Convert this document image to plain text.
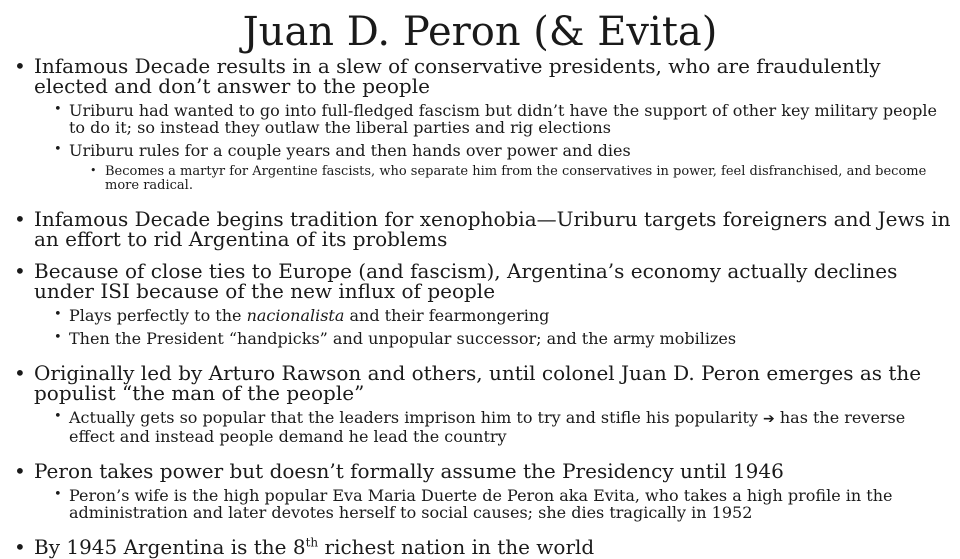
Juan D. Peron (& Evita)

• Infamous Decade results in a slew of conservative presidents, who are fraudulently elected and don’t answer to the people

• Uriburu had wanted to go into full-fledged fascism but didn’t have the support of other key military people to do it; so instead they outlaw the liberal parties and rig elections

• Uriburu rules for a couple years and then hands over power and dies

• Becomes a martyr for Argentine fascists, who separate him from the conservatives in power, feel disfranchised, and become more radical.

• Infamous Decade begins tradition for xenophobia—Uriburu targets foreigners and Jews in an effort to rid Argentina of its problems

• Because of close ties to Europe (and fascism), Argentina’s economy actually declines under ISI because of the new influx of people

• Plays perfectly to the nacionalista and their fearmongering

• Then the President “handpicks” and unpopular successor; and the army mobilizes

• Originally led by Arturo Rawson and others, until colonel Juan D. Peron emerges as the populist “the man of the people”

• Actually gets so popular that the leaders imprison him to try and stifle his popularity ➔ has the reverse effect and instead people demand he lead the country

• Peron takes power but doesn’t formally assume the Presidency until 1946

• Peron’s wife is the high popular Eva Maria Duerte de Peron aka Evita, who takes a high profile in the administration and later devotes herself to social causes; she dies tragically in 1952

• By 1945 Argentina is the 8th richest nation in the world
